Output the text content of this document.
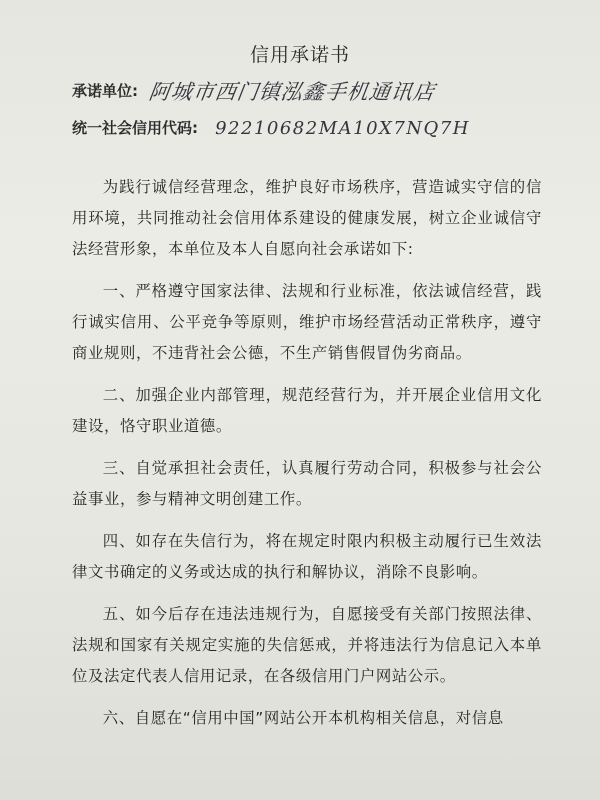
信用承诺书
承诺单位: 阿城市西门镇泓鑫手机通讯店
统一社会信用代码: 92210682MA10X7NQ7H

为践行诚信经营理念，维护良好市场秩序，营造诚实守信的信用环境，共同推动社会信用体系建设的健康发展，树立企业诚信守法经营形象，本单位及本人自愿向社会承诺如下:

一、严格遵守国家法律、法规和行业标准，依法诚信经营，践行诚实信用、公平竞争等原则，维护市场经营活动正常秩序，遵守商业规则，不违背社会公德，不生产销售假冒伪劣商品。

二、加强企业内部管理，规范经营行为，并开展企业信用文化建设，恪守职业道德。

三、自觉承担社会责任，认真履行劳动合同，积极参与社会公益事业，参与精神文明创建工作。

四、如存在失信行为，将在规定时限内积极主动履行已生效法律文书确定的义务或达成的执行和解协议，消除不良影响。

五、如今后存在违法违规行为，自愿接受有关部门按照法律、法规和国家有关规定实施的失信惩戒，并将违法行为信息记入本单位及法定代表人信用记录，在各级信用门户网站公示。

六、自愿在“信用中国”网站公开本机构相关信息，对信息
